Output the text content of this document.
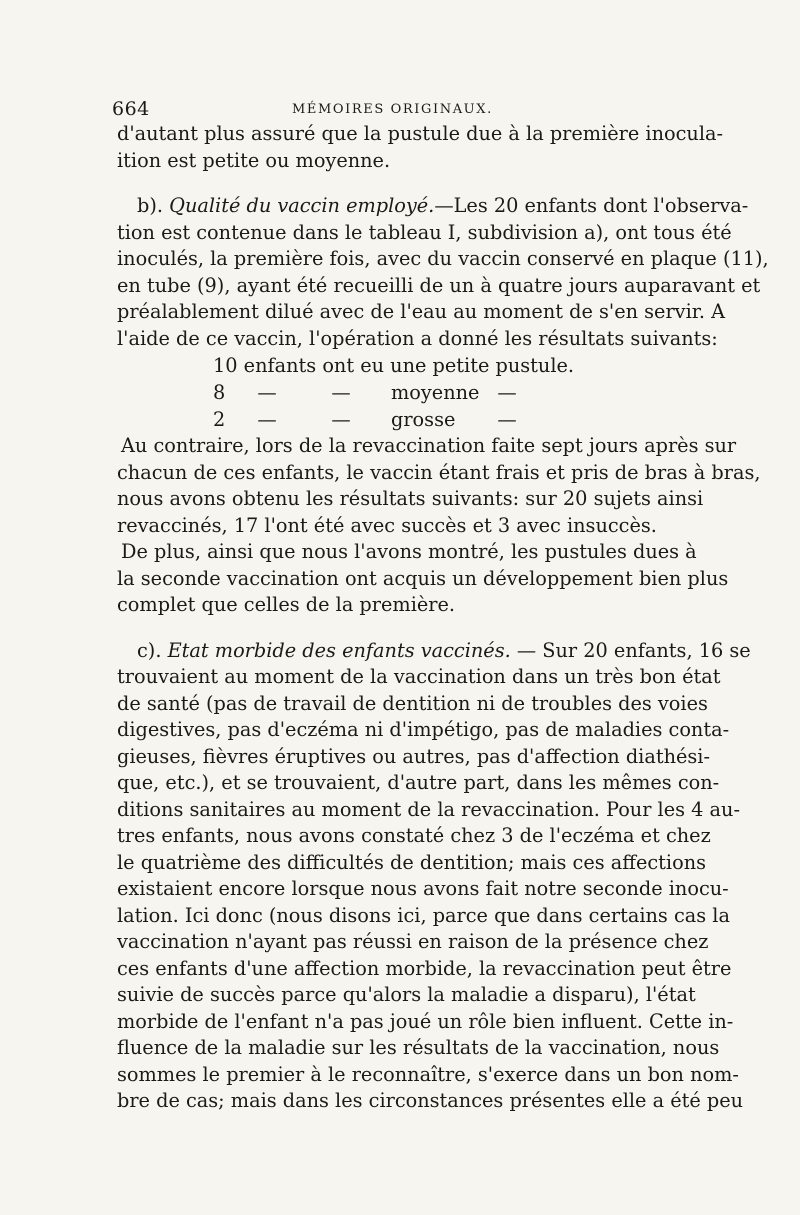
664	MÉMOIRES ORIGINAUX.
d'autant plus assuré que la pustule due à la première inocula-
ition est petite ou moyenne.
b). Qualité du vaccin employé.—Les 20 enfants dont l'observa-
tion est contenue dans le tableau I, subdivision a), ont tous été
inoculés, la première fois, avec du vaccin conservé en plaque (11),
en tube (9), ayant été recueilli de un à quatre jours auparavant et
préalablement dilué avec de l'eau au moment de s'en servir. A
l'aide de ce vaccin, l'opération a donné les résultats suivants:
10 enfants ont eu une petite pustule.
8	—	—	moyenne —
2	—	—	grosse	—
Au contraire, lors de la revaccination faite sept jours après sur
chacun de ces enfants, le vaccin étant frais et pris de bras à bras,
nous avons obtenu les résultats suivants: sur 20 sujets ainsi
revaccinés, 17 l'ont été avec succès et 3 avec insuccès.
De plus, ainsi que nous l'avons montré, les pustules dues à
la seconde vaccination ont acquis un développement bien plus
complet que celles de la première.
c). Etat morbide des enfants vaccinés. — Sur 20 enfants, 16 se
trouvaient au moment de la vaccination dans un très bon état
de santé (pas de travail de dentition ni de troubles des voies
digestives, pas d'eczéma ni d'impétigo, pas de maladies conta-
gieuses, fièvres éruptives ou autres, pas d'affection diathési-
que, etc.), et se trouvaient, d'autre part, dans les mêmes con-
ditions sanitaires au moment de la revaccination. Pour les 4 au-
tres enfants, nous avons constaté chez 3 de l'eczéma et chez
le quatrième des difficultés de dentition; mais ces affections
existaient encore lorsque nous avons fait notre seconde inocu-
lation. Ici donc (nous disons ici, parce que dans certains cas la
vaccination n'ayant pas réussi en raison de la présence chez
ces enfants d'une affection morbide, la revaccination peut être
suivie de succès parce qu'alors la maladie a disparu), l'état
morbide de l'enfant n'a pas joué un rôle bien influent. Cette in-
fluence de la maladie sur les résultats de la vaccination, nous
sommes le premier à le reconnaître, s'exerce dans un bon nom-
bre de cas; mais dans les circonstances présentes elle a été peu
